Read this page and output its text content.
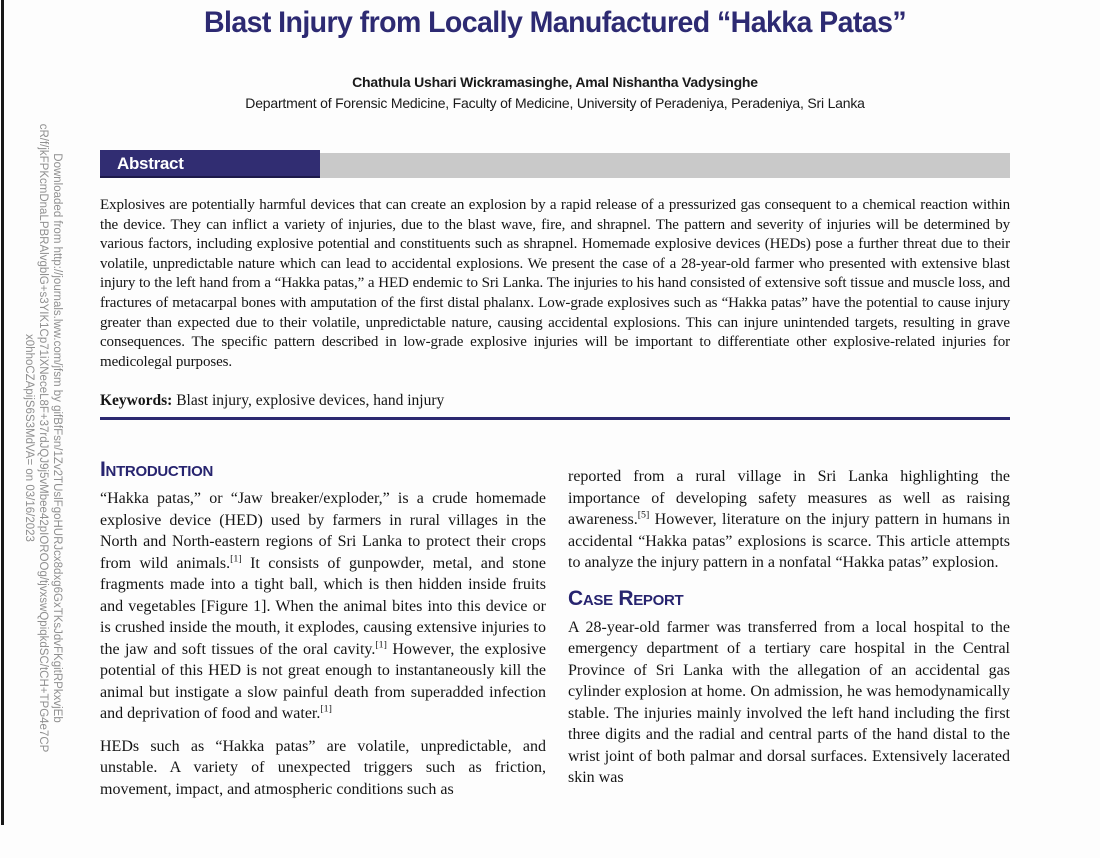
Downloaded from http://journals.lww.com/jfsm by gifBfFsn/1Zv2TUslFgoHURJcx8dxg6GxTKsJdvFKgitRPkxvjEb
cR/f/jkFPKcmDnaLPBRAlvgblG+s3YIK1Cp71iXNeceL8F+37rdJQJ9j5vMbee42pIOROOg/tjvxswQpiqkdSC/tCH+TPG4e7CP
x0hhoCZApijS6S3MdVA= on 03/16/2023
Blast Injury from Locally Manufactured “Hakka Patas”
Chathula Ushari Wickramasinghe, Amal Nishantha Vadysinghe
Department of Forensic Medicine, Faculty of Medicine, University of Peradeniya, Peradeniya, Sri Lanka
Abstract
Explosives are potentially harmful devices that can create an explosion by a rapid release of a pressurized gas consequent to a chemical reaction within the device. They can inflict a variety of injuries, due to the blast wave, fire, and shrapnel. The pattern and severity of injuries will be determined by various factors, including explosive potential and constituents such as shrapnel. Homemade explosive devices (HEDs) pose a further threat due to their volatile, unpredictable nature which can lead to accidental explosions. We present the case of a 28-year-old farmer who presented with extensive blast injury to the left hand from a “Hakka patas,” a HED endemic to Sri Lanka. The injuries to his hand consisted of extensive soft tissue and muscle loss, and fractures of metacarpal bones with amputation of the first distal phalanx. Low-grade explosives such as “Hakka patas” have the potential to cause injury greater than expected due to their volatile, unpredictable nature, causing accidental explosions. This can injure unintended targets, resulting in grave consequences. The specific pattern described in low-grade explosive injuries will be important to differentiate other explosive-related injuries for medicolegal purposes.
Keywords: Blast injury, explosive devices, hand injury
Introduction

“Hakka patas,” or “Jaw breaker/exploder,” is a crude homemade explosive device (HED) used by farmers in rural villages in the North and North-eastern regions of Sri Lanka to protect their crops from wild animals.[1] It consists of gunpowder, metal, and stone fragments made into a tight ball, which is then hidden inside fruits and vegetables [Figure 1]. When the animal bites into this device or is crushed inside the mouth, it explodes, causing extensive injuries to the jaw and soft tissues of the oral cavity.[1] However, the explosive potential of this HED is not great enough to instantaneously kill the animal but instigate a slow painful death from superadded infection and deprivation of food and water.[1]

HEDs such as “Hakka patas” are volatile, unpredictable, and unstable. A variety of unexpected triggers such as friction, movement, impact, and atmospheric conditions such as

reported from a rural village in Sri Lanka highlighting the importance of developing safety measures as well as raising awareness.[5] However, literature on the injury pattern in humans in accidental “Hakka patas” explosions is scarce. This article attempts to analyze the injury pattern in a nonfatal “Hakka patas” explosion.

Case Report

A 28-year-old farmer was transferred from a local hospital to the emergency department of a tertiary care hospital in the Central Province of Sri Lanka with the allegation of an accidental gas cylinder explosion at home. On admission, he was hemodynamically stable. The injuries mainly involved the left hand including the first three digits and the radial and central parts of the hand distal to the wrist joint of both palmar and dorsal surfaces. Extensively lacerated skin was
